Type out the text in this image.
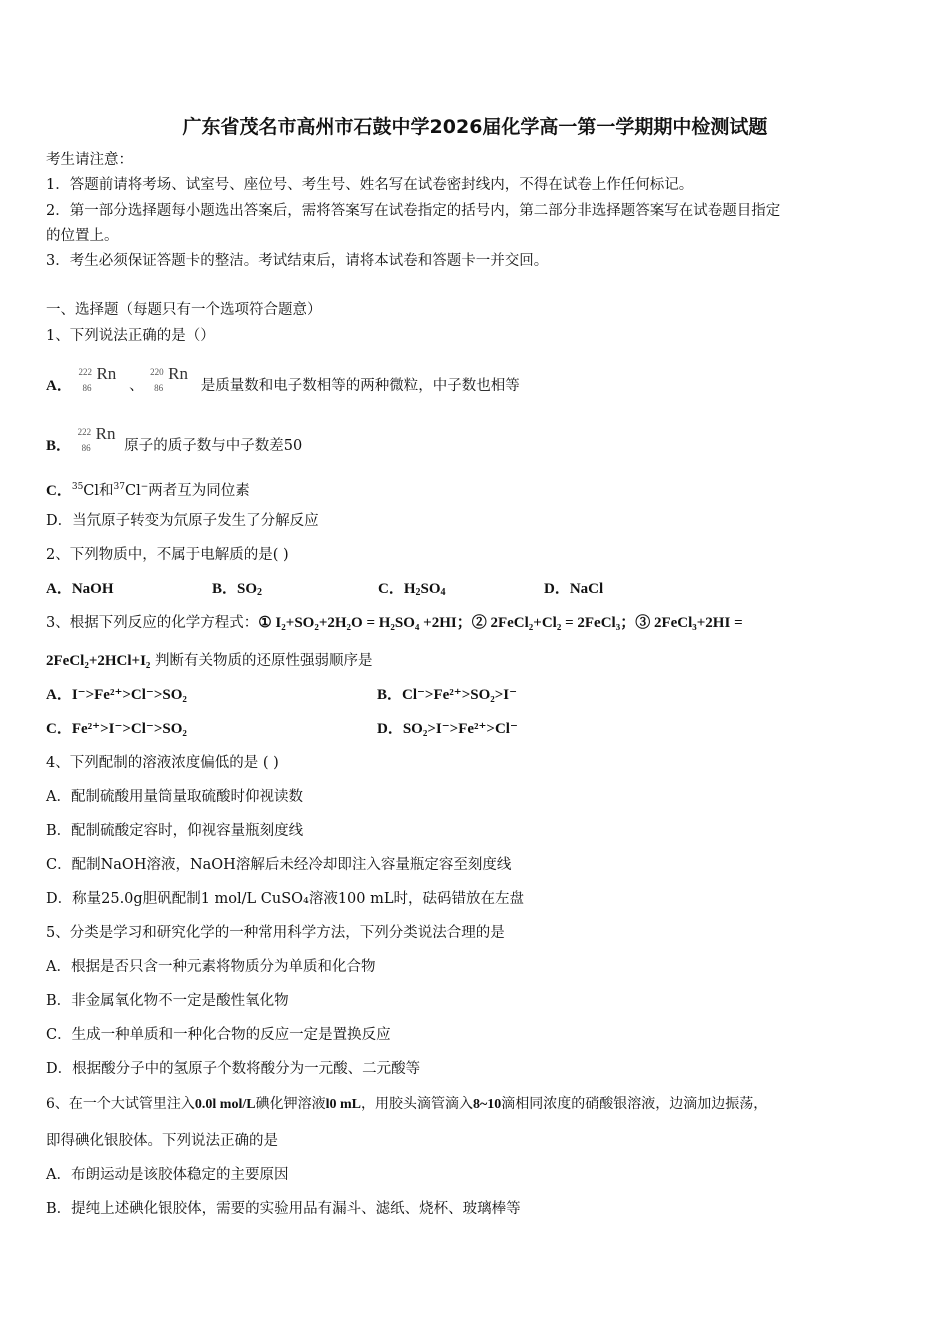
广东省茂名市高州市石鼓中学2026届化学高一第一学期期中检测试题
考生请注意：
1．答题前请将考场、试室号、座位号、考生号、姓名写在试卷密封线内，不得在试卷上作任何标记。
2．第一部分选择题每小题选出答案后，需将答案写在试卷指定的括号内，第二部分非选择题答案写在试卷题目指定
的位置上。
3．考生必须保证答题卡的整洁。考试结束后，请将本试卷和答题卡一并交回。
一、选择题（每题只有一个选项符合题意）
1、下列说法正确的是（）
A．
222
86
Rn
、
220
86
Rn
是质量数和电子数相等的两种微粒，中子数也相等
B．
222
86
Rn
原子的质子数与中子数差50
C．$^{35}$Cl和$^{37}$Cl−两者互为同位素
D．当氘原子转变为氘原子发生了分解反应
2、下列物质中，不属于电解质的是( )
A．NaOH	B．$SO_2$	C．$H_2SO_4$	D．NaCl
3、根据下列反应的化学方程式：① I₂+SO₂+2H₂O = H₂SO₄ +2HI；② 2FeCl₂+Cl₂ = 2FeCl₃；③ 2FeCl₃+2HI =
2FeCl₂+2HCl+I₂ 判断有关物质的还原性强弱顺序是
A．I⁻>Fe²⁺>Cl⁻>SO₂	B．Cl⁻>Fe²⁺>SO₂>I⁻
C．Fe²⁺>I⁻>Cl⁻>SO₂	D．SO₂>I⁻>Fe²⁺>Cl⁻
4、下列配制的溶液浓度偏低的是 ( )
A．配制硫酸用量筒量取硫酸时仰视读数
B．配制硫酸定容时，仰视容量瓶刻度线
C．配制NaOH溶液，NaOH溶解后未经冷却即注入容量瓶定容至刻度线
D．称量25.0g胆矾配制1 mol/L CuSO₄溶液100 mL时，砝码错放在左盘
5、分类是学习和研究化学的一种常用科学方法，下列分类说法合理的是
A．根据是否只含一种元素将物质分为单质和化合物
B．非金属氧化物不一定是酸性氧化物
C．生成一种单质和一种化合物的反应一定是置换反应
D．根据酸分子中的氢原子个数将酸分为一元酸、二元酸等
6、在一个大试管里注入0.0l mol/L碘化钾溶液l0 mL，用胶头滴管滴入8~10滴相同浓度的硝酸银溶液，边滴加边振荡，
即得碘化银胶体。下列说法正确的是
A．布朗运动是该胶体稳定的主要原因
B．提纯上述碘化银胶体，需要的实验用品有漏斗、滤纸、烧杯、玻璃棒等
